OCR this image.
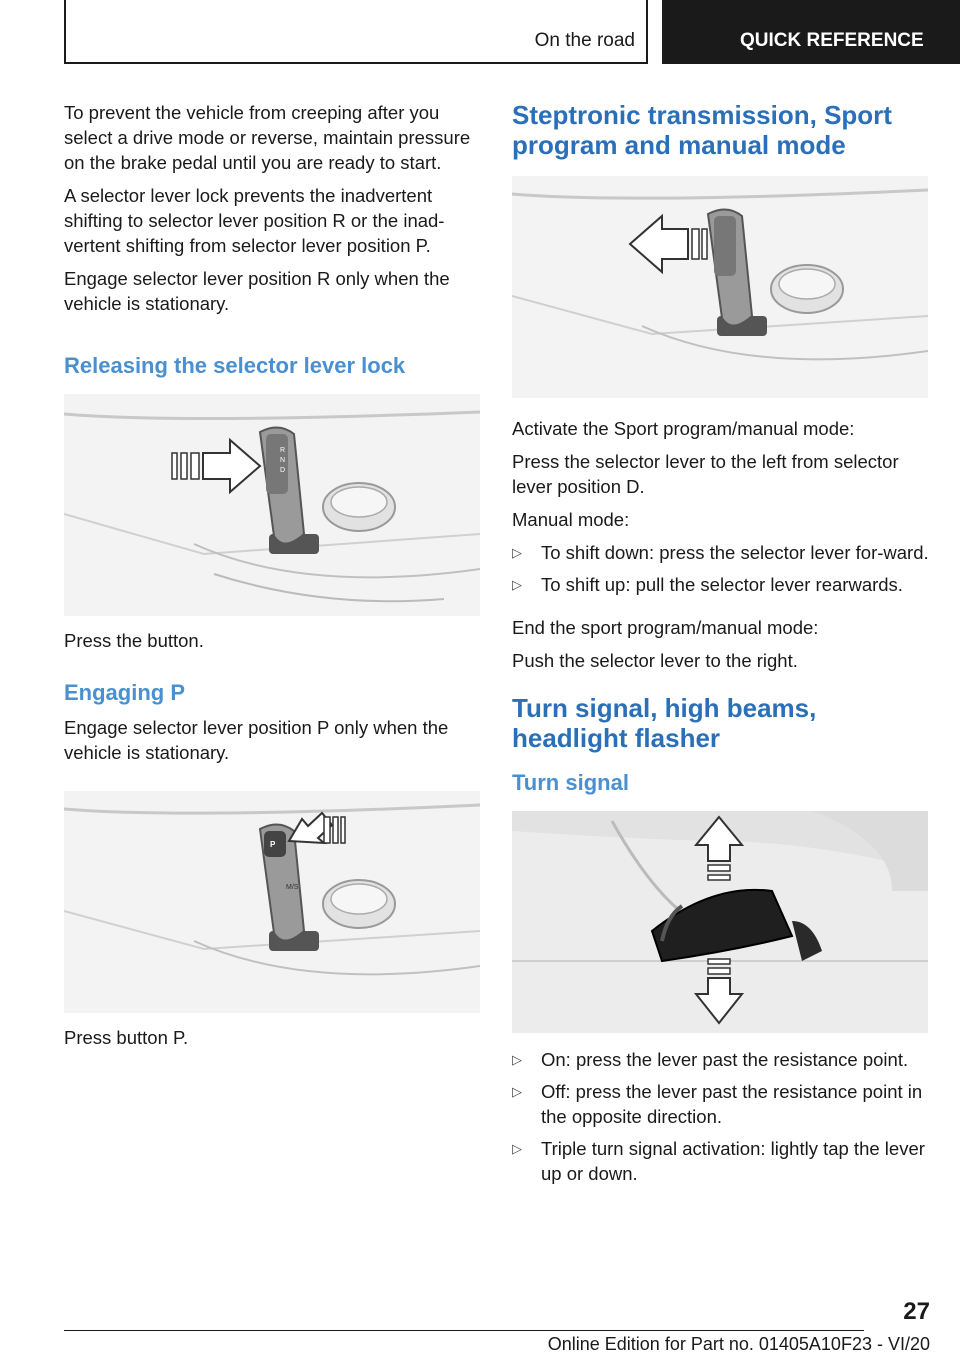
On the road	QUICK REFERENCE

To prevent the vehicle from creeping after you select a drive mode or reverse, maintain pressure on the brake pedal until you are ready to start.

A selector lever lock prevents the inadvertent shifting to selector lever position R or the inad-vertent shifting from selector lever position P.

Engage selector lever position R only when the vehicle is stationary.

Releasing the selector lever lock
R
N
D

Press the button.

Engaging P

Engage selector lever position P only when the vehicle is stationary.

P
M/S

Press button P.

Steptronic transmission, Sport program and manual mode

Activate the Sport program/manual mode:

Press the selector lever to the left from selector lever position D.

Manual mode:

▷ To shift down: press the selector lever for-ward.
▷ To shift up: pull the selector lever rearwards.

End the sport program/manual mode:

Push the selector lever to the right.

Turn signal, high beams, headlight flasher
Turn signal
▷ On: press the lever past the resistance point.
▷ Off: press the lever past the resistance point in the opposite direction.
▷ Triple turn signal activation: lightly tap the lever up or down.
27
Online Edition for Part no. 01405A10F23 - VI/20
